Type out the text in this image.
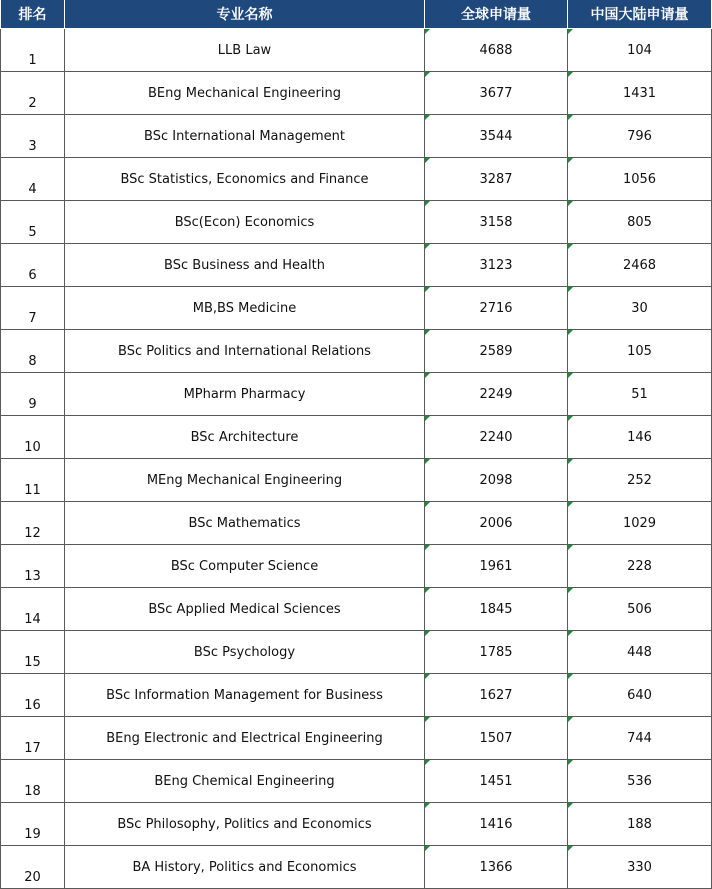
排名	专业名称	全球申请量	中国大陆申请量
1	LLB Law	4688	104
2	BEng Mechanical Engineering	3677	1431
3	BSc International Management	3544	796
4	BSc Statistics, Economics and Finance	3287	1056
5	BSc(Econ) Economics	3158	805
6	BSc Business and Health	3123	2468
7	MB,BS Medicine	2716	30
8	BSc Politics and International Relations	2589	105
9	MPharm Pharmacy	2249	51
10	BSc Architecture	2240	146
11	MEng Mechanical Engineering	2098	252
12	BSc Mathematics	2006	1029
13	BSc Computer Science	1961	228
14	BSc Applied Medical Sciences	1845	506
15	BSc Psychology	1785	448
16	BSc Information Management for Business	1627	640
17	BEng Electronic and Electrical Engineering	1507	744
18	BEng Chemical Engineering	1451	536
19	BSc Philosophy, Politics and Economics	1416	188
20	BA History, Politics and Economics	1366	330
